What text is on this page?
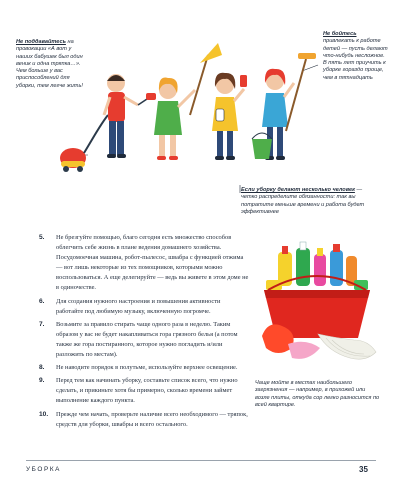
Не поддавайтесь на провокации «А вот у наших бабушек был один веник и одна тряпка…». Чем больше у вас приспособлений для уборки, тем легче жить!
Не бойтесь привлекать к работе детей — пусть делают что-нибудь несложное. В пять лет приучить к уборке гораздо проще, чем в пятнадцать
Если уборку делают несколько человек — четко распределите обязанности: так вы потратите меньше времени и работа будет эффективнее
5. Не брезгуйте помощью, благо сегодня есть множество способов облегчить себе жизнь в плане ведения домашнего хозяйства. Посудомоечная машина, робот-пылесос, швабра с функцией отжима — вот лишь некоторые из тех помощников, которыми можно воспользоваться. А еще делегируйте — ведь вы живете в этом доме не в одиночестве.
6. Для создания нужного настроения и повышения активности работайте под любимую музыку, включенную погромче.
7. Возьмите за правило стирать чаще одного раза в неделю. Таким образом у вас не будет накапливаться гора грязного белья (а потом также же гора постиранного, которое нужно погладить и/или разложить по местам).
8. Не наводите порядок в полутьме, используйте верхнее освещение.
9. Перед тем как начинать уборку, составьте список всего, что нужно сделать, и прикиньте хотя бы примерно, сколько времени займет выполнение каждого пункта.
10. Прежде чем начать, проверьте наличие всего необходимого — тряпок, средств для уборки, швабры и всего остального.
Чаще мойте в местах наибольшего загрязнения — например, в прихожей или возле плиты, откуда сор легко разносится по всей квартире.
УБОРКА	35
